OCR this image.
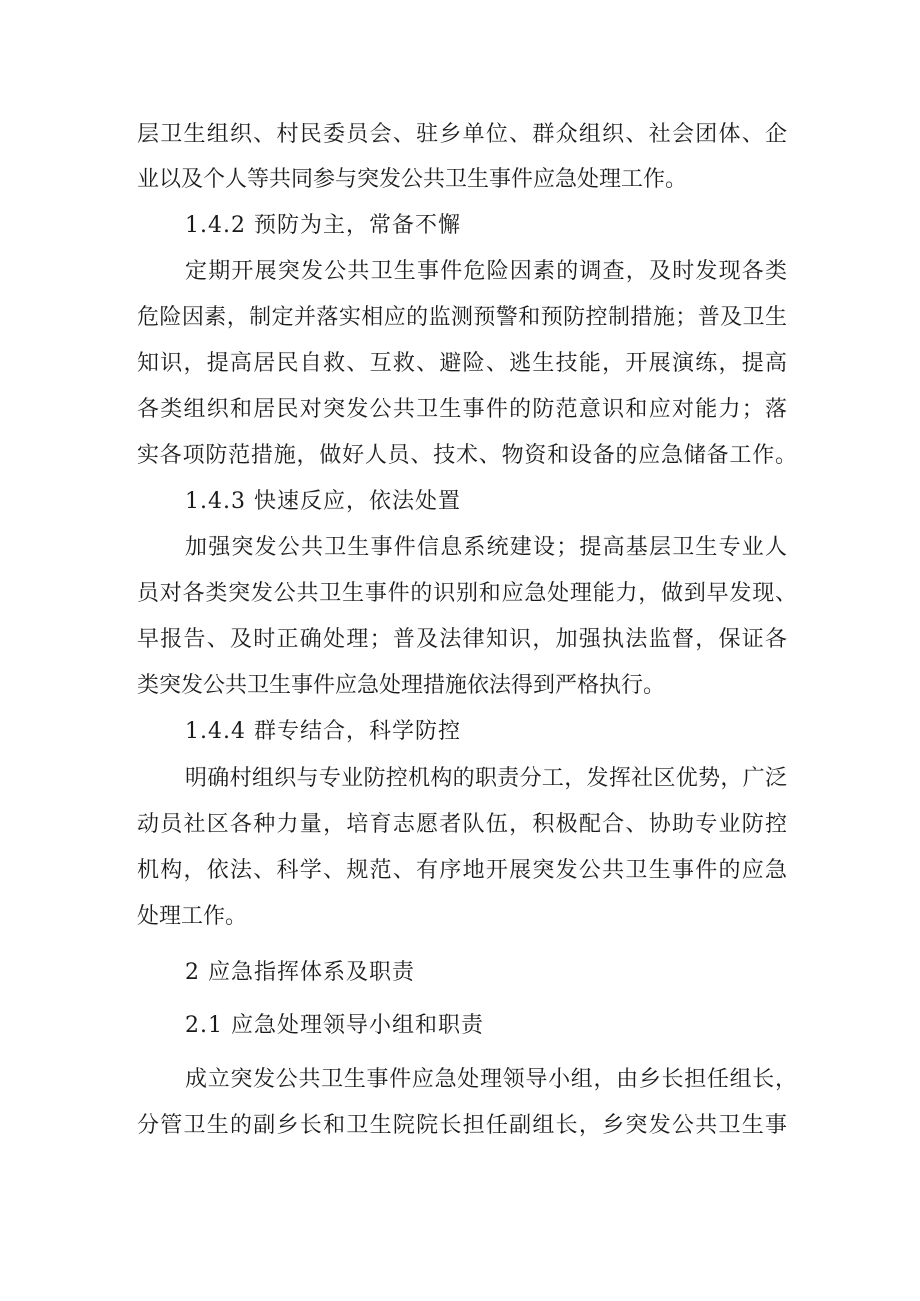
层卫生组织、村民委员会、驻乡单位、群众组织、社会团体、企
业以及个人等共同参与突发公共卫生事件应急处理工作。
1.4.2 预防为主，常备不懈
定期开展突发公共卫生事件危险因素的调查，及时发现各类
危险因素，制定并落实相应的监测预警和预防控制措施；普及卫生
知识，提高居民自救、互救、避险、逃生技能，开展演练，提高
各类组织和居民对突发公共卫生事件的防范意识和应对能力；落
实各项防范措施，做好人员、技术、物资和设备的应急储备工作。
1.4.3 快速反应，依法处置
加强突发公共卫生事件信息系统建设；提高基层卫生专业人
员对各类突发公共卫生事件的识别和应急处理能力，做到早发现、
早报告、及时正确处理；普及法律知识，加强执法监督，保证各
类突发公共卫生事件应急处理措施依法得到严格执行。
1.4.4 群专结合，科学防控
明确村组织与专业防控机构的职责分工，发挥社区优势，广泛
动员社区各种力量，培育志愿者队伍，积极配合、协助专业防控
机构，依法、科学、规范、有序地开展突发公共卫生事件的应急
处理工作。
2 应急指挥体系及职责
2.1 应急处理领导小组和职责
成立突发公共卫生事件应急处理领导小组，由乡长担任组长，
分管卫生的副乡长和卫生院院长担任副组长，乡突发公共卫生事
